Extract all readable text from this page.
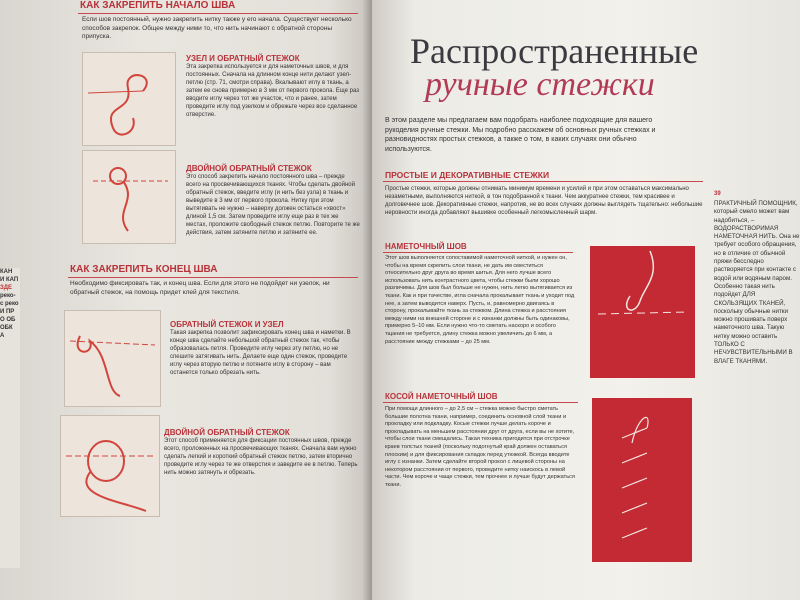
КАН
И КАП
ЗДЕ
реко-
с реко
И ПР
О ОБ
ОБК
А
КАК ЗАКРЕПИТЬ НАЧАЛО ШВА
Если шов постоянный, нужно закрепить нитку также у его начала. Существует несколько способов закрепок. Общее между ними то, что нить начинают с обратной стороны припуска.
УЗЕЛ И ОБРАТНЫЙ СТЕЖОК
Эта закрепка используется и для наметочных швов, и для постоянных. Сначала на длинном конце нити делают узел-петлю (стр. 71, смотри справа). Вкалывают иглу в ткань, а затем ее снова примерно в 3 мм от первого прокола. Еще раз вводите иглу через тот же участок, что и ранее, затем проведите иглу под узелком и обрежьте через все сделанное отверстие.
ДВОЙНОЙ ОБРАТНЫЙ СТЕЖОК
Это способ закрепить начало постоянного шва – прежде всего на просвечивающихся тканях. Чтобы сделать двойной обратный стежок, введите иглу (и нить без узла) в ткань и выведите в 3 мм от первого прокола. Нитку при этом вытягивать не нужно – наверху должен остаться «хвост» длиной 1,5 см. Затем проведите иглу еще раз в тех же местах, проложите свободный стежок петлю. Повторите те же действия, затем затяните петлю и затяните ее.
КАК ЗАКРЕПИТЬ КОНЕЦ ШВА
Необходимо фиксировать так, и конец шва. Если для этого не подойдет ни узелок, ни обратный стежок, на помощь придет клей для текстиля.
ОБРАТНЫЙ СТЕЖОК И УЗЕЛ
Такая закрепка позволит зафиксировать конец шва и наметки. В конце шва сделайте небольшой обратный стежок так, чтобы образовалась петля. Проведите иглу через эту петлю, но не спешите затягивать нить. Делаете еще один стежок, проведите иглу через вторую петлю и потяните иглу в сторону – вам останется только обрезать нить.
ДВОЙНОЙ ОБРАТНЫЙ СТЕЖОК
Этот способ применяется для фиксации постоянных швов, прежде всего, проложенных на просвечивающих тканях. Сначала вам нужно сделать легкий и короткий обратный стежок петлю, затем вторично проведите иглу через те же отверстия и заведите ее в петлю. Теперь нить можно затянуть и обрезать.
Распространенные
ручные стежки
В этом разделе мы предлагаем вам подобрать наиболее подходящие для вашего рукоделия ручные стежки. Мы подробно расскажем об основных ручных стежках и разновидностях простых стежков, а также о том, в каких случаях они обычно используются.
ПРОСТЫЕ И ДЕКОРАТИВНЫЕ СТЕЖКИ
Простые стежки, которые должны отнимать минимум времени и усилий и при этом оставаться максимально незаметными, выполняются ниткой, в тон подобранной к ткани. Чем аккуратнее стежки, тем красивее и долговечнее шов. Декоративные стежки, напротив, не во всех случаях должны выглядеть тщательно: небольшие неровности иногда добавляют вышивке особенный легкомысленный шарм.
НАМЕТОЧНЫЙ ШОВ
Этот шов выполняется сопоставимой наметочной ниткой, и нужен он, чтобы на время скрепить слои ткани, не дать им сместиться относительно друг друга во время шитья. Для него лучше всего использовать нить контрастного цвета, чтобы стежки были хорошо различимы. Для шов был больше не нужен, нить легко вытягивается из ткани. Как и при тачестве, игла сначала прокалывает ткань и уходит под нее, а затем выводится наверх. Пусть, и, равномерно двигаясь в сторону, прокалывайте ткань за стежком. Длина стежка и расстояния между ними на внешней стороне и с изнанки должны быть одинаковы, примерно 5–10 мм. Если нужно что-то сметать наскоро и особого тщания не требуется, длину стежка можно увеличить до 6 мм, а расстояние между стежками – до 25 мм.
КОСОЙ НАМЕТОЧНЫЙ ШОВ
При помощи длинного – до 2,5 см – стежка можно быстро сметать большие полотна ткани, например, соединить основной слой ткани и прокладку или подкладку. Косые стежки лучше делать короче и прокладывать на меньшем расстоянии друг от друга, если вы не хотите, чтобы слои ткани смещались. Такая техника пригодится при отстрочке краев толстых тканей (поскольку подогнутый край должен оставаться плоским) и для фиксирования складок перед утюжкой. Всегда вводите иглу с изнанки. Затем сделайте второй прокол с лицевой стороны на некотором расстоянии от первого, проведите нитку наискось в левой части. Чем короче и чаще стежки, тем прочнее и лучше будут держаться ткани.
39
ПРАКТИЧНЫЙ ПОМОЩНИК, который смело может вам надобиться, – ВОДОРАСТВОРИМАЯ НАМЕТОЧНАЯ НИТЬ. Она не требует особого обращения, но в отличие от обычной пряжи бесследно растворяется при контакте с водой или водяным паром. Особенно такая нить подойдет ДЛЯ СКОЛЬЗЯЩИХ ТКАНЕЙ, поскольку обычные нитки можно прошивать поверх наметочного шва. Такую нитку можно оставить ТОЛЬКО С НЕЧУВСТВИТЕЛЬНЫМИ В ВЛАГЕ ТКАНЯМИ.
